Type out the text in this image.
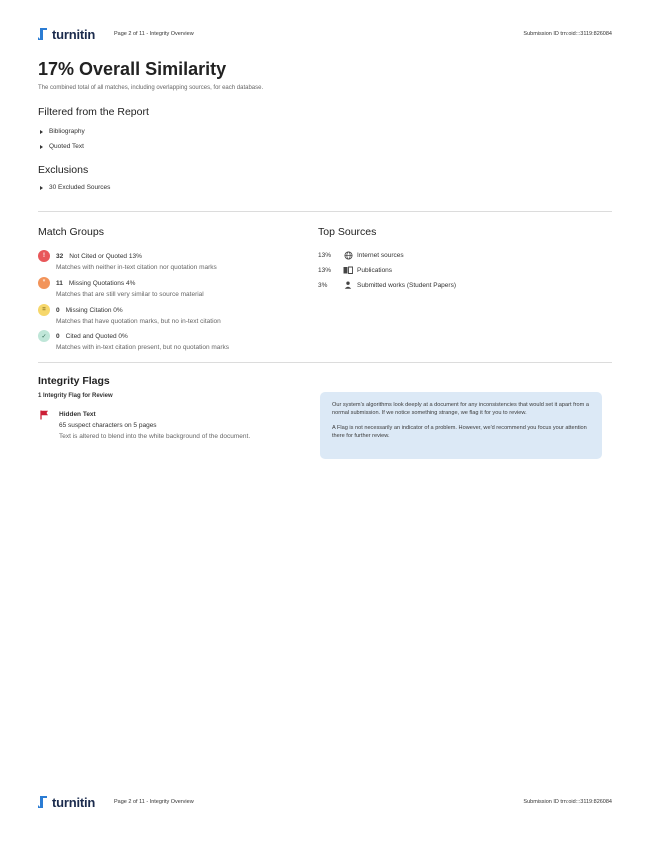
turnitin	Page 2 of 11 - Integrity Overview	Submission ID trn:oid:::3119:826084
17% Overall Similarity
The combined total of all matches, including overlapping sources, for each database.
Filtered from the Report
Bibliography
Quoted Text
Exclusions
30 Excluded Sources
Match Groups
!	32 Not Cited or Quoted 13%
Matches with neither in-text citation nor quotation marks
”	11 Missing Quotations 4%
Matches that are still very similar to source material
=	0 Missing Citation 0%
Matches that have quotation marks, but no in-text citation
✓	0 Cited and Quoted 0%
Matches with in-text citation present, but no quotation marks
Top Sources
13%	Internet sources
13%	Publications
3%	Submitted works (Student Papers)
Integrity Flags
1 Integrity Flag for Review
Hidden Text
65 suspect characters on 5 pages
Text is altered to blend into the white background of the document.

Our system's algorithms look deeply at a document for any inconsistencies that would set it apart from a normal submission. If we notice something strange, we flag it for you to review.

A Flag is not necessarily an indicator of a problem. However, we'd recommend you focus your attention there for further review.

turnitin	Page 2 of 11 - Integrity Overview	Submission ID trn:oid:::3119:826084
